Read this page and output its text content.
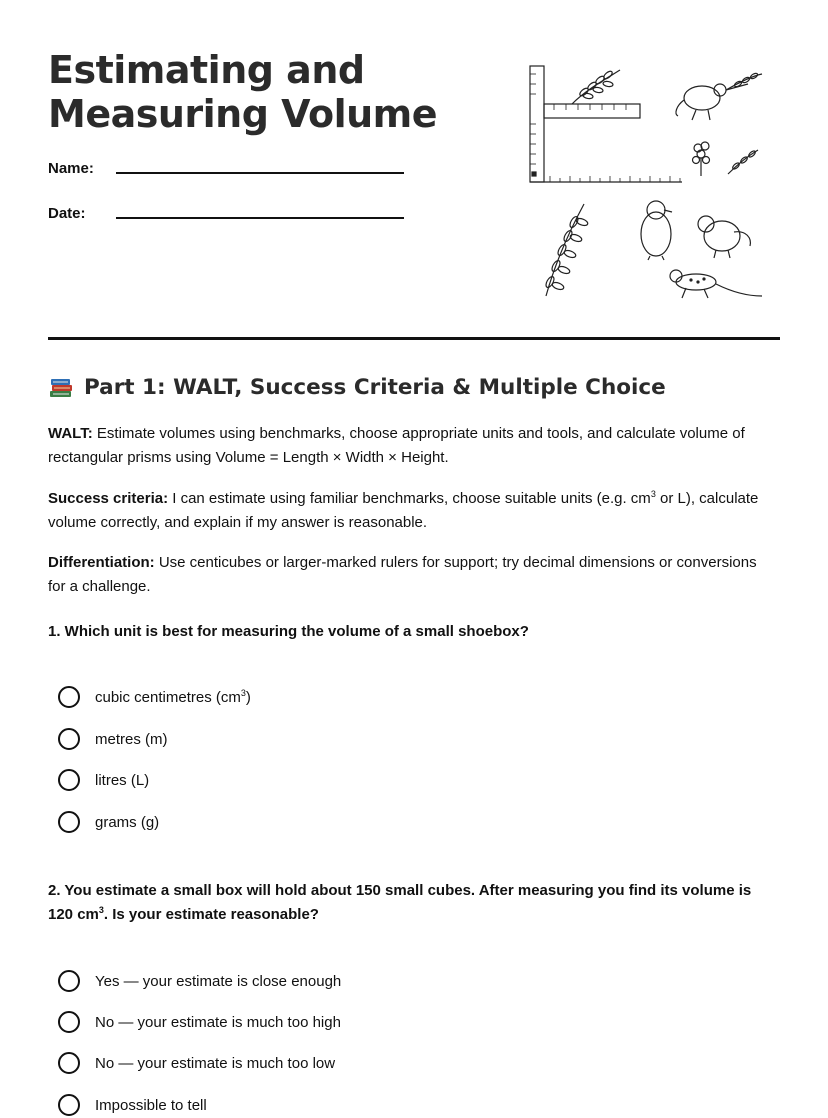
Estimating and
Measuring Volume
Name:
Date:
Part 1: WALT, Success Criteria & Multiple Choice

WALT: Estimate volumes using benchmarks, choose appropriate units and tools, and calculate volume of rectangular prisms using Volume = Length × Width × Height.

Success criteria: I can estimate using familiar benchmarks, choose suitable units (e.g. $cm^3$ or L), calculate volume correctly, and explain if my answer is reasonable.

Differentiation: Use centicubes or larger-marked rulers for support; try decimal dimensions or conversions for a challenge.

1. Which unit is best for measuring the volume of a small shoebox?

cubic centimetres $(cm^3)$
metres (m)
litres (L)
grams (g)

2. You estimate a small box will hold about 150 small cubes. After measuring you find its volume is 120 $cm^3$. Is your estimate reasonable?

Yes — your estimate is close enough
No — your estimate is much too high
No — your estimate is much too low
Impossible to tell
